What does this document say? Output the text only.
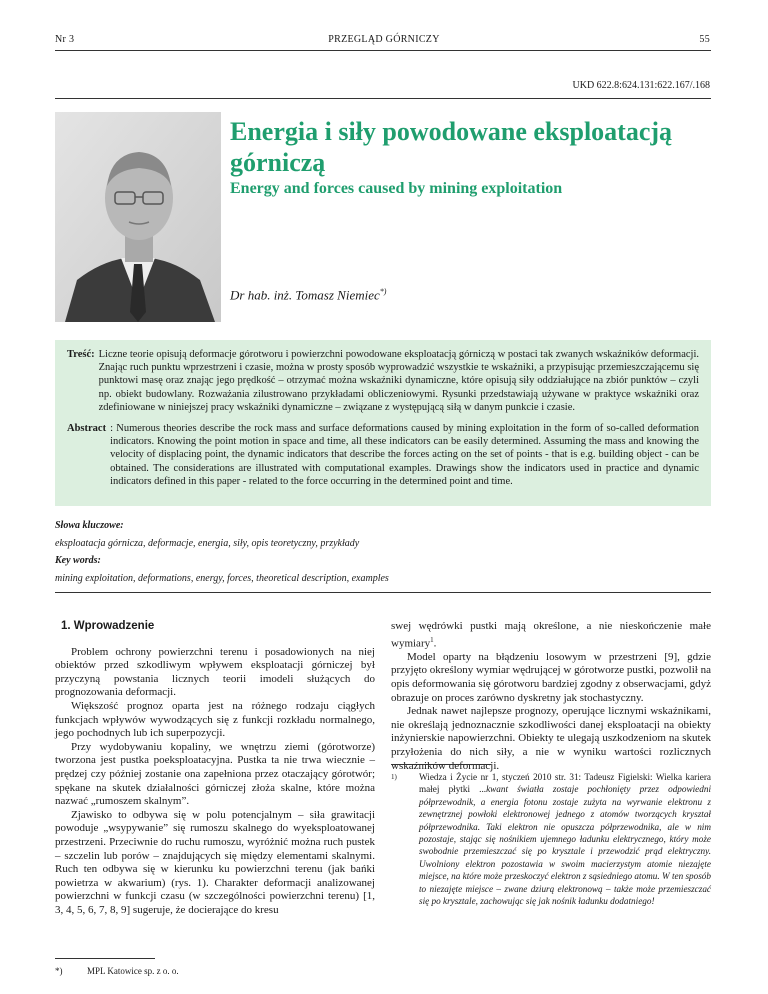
Nr 3	PRZEGLĄD GÓRNICZY	55
UKD 622.8:624.131:622.167/.168
Energia i siły powodowane eksploatacją górniczą
Energy and forces caused by mining exploitation
Dr hab. inż. Tomasz Niemiec*)
Treść: Liczne teorie opisują deformacje górotworu i powierzchni powodowane eksploatacją górniczą w postaci tak zwanych wskaźników deformacji. Znając ruch punktu wprzestrzeni i czasie, można w prosty sposób wyprowadzić wszystkie te wskaźniki, a przypisując przemieszczającemu się punktowi masę oraz znając jego prędkość – otrzymać można wskaźniki dynamiczne, które opisują siły oddziałujące na zbiór punktów – czyli np. obiekt budowlany. Rozważania zilustrowano przykładami obliczeniowymi. Rysunki przedstawiają używane w praktyce wskaźniki oraz zdefiniowane w niniejszej pracy wskaźniki dynamiczne – związane z występującą siłą w danym punkcie i czasie.
Abstract : Numerous theories describe the rock mass and surface deformations caused by mining exploitation in the form of so-called deformation indicators. Knowing the point motion in space and time, all these indicators can be easily determined. Assuming the mass and knowing the velocity of displacing point, the dynamic indicators that describe the forces acting on the set of points - that is e.g. building object - can be obtained. The considerations are illustrated with computational examples. Drawings show the indicators used in practice and dynamic indicators defined in this paper - related to the force occurring in the determined point and time.
Słowa kluczowe:
eksploatacja górnicza, deformacje, energia, siły, opis teoretyczny, przykłady
Key words:
mining exploitation, deformations, energy, forces, theoretical description, examples
1. Wprowadzenie

Problem ochrony powierzchni terenu i posadowionych na niej obiektów przed szkodliwym wpływem eksploatacji górniczej był przyczyną powstania licznych teorii imodeli służących do prognozowania deformacji.

Większość prognoz oparta jest na różnego rodzaju ciągłych funkcjach wpływów wywodzących się z funkcji rozkładu normalnego, jego pochodnych lub ich superpozycji.

Przy wydobywaniu kopaliny, we wnętrzu ziemi (górotworze) tworzona jest pustka poeksploatacyjna. Pustka ta nie trwa wiecznie – prędzej czy później zostanie ona zapełniona przez otaczający górotwór; spękane na skutek działalności górniczej złoża skalne, które można nazwać „rumoszem skalnym”.

Zjawisko to odbywa się w polu potencjalnym – siła grawitacji powoduje „wsypywanie” się rumoszu skalnego do wyeksploatowanej przestrzeni. Przeciwnie do ruchu rumoszu, wyróżnić można ruch pustek – szczelin lub porów – znajdujących się między elementami skalnymi. Ruch ten odbywa się w kierunku ku powierzchni terenu (jak bańki powietrza w akwarium) (rys. 1). Charakter deformacji analizowanej powierzchni w funkcji czasu (w szczególności powierzchni terenu) [1, 3, 4, 5, 6, 7, 8, 9] sugeruje, że docierające do kresu

swej wędrówki pustki mają określone, a nie nieskończenie małe wymiary$^1$.

Model oparty na błądzeniu losowym w przestrzeni [9], gdzie przyjęto określony wymiar wędrującej w górotworze pustki, pozwolił na opis deformowania się górotworu bardziej zgodny z obserwacjami, gdyż obrazuje on proces zarówno dyskretny jak stochastyczny.

Jednak nawet najlepsze prognozy, operujące licznymi wskaźnikami, nie określają jednoznacznie szkodliwości danej eksploatacji na obiekty inżynierskie napowierzchni. Obiekty te ulegają uszkodzeniom na skutek przyłożenia do nich siły, a nie w wyniku wartości rozlicznych wskaźników deformacji.

1)	Wiedza i Życie nr 1, styczeń 2010 str. 31: Tadeusz Figielski: Wielka kariera małej płytki ...kwant światła zostaje pochłonięty przez odpowiedni półprzewodnik, a energia fotonu zostaje zużyta na wyrwanie elektronu z zewnętrznej powłoki elektronowej jednego z atomów tworzących kryształ półprzewodnika. Taki elektron nie opuszcza półprzewodnika, ale w nim pozostaje, stając się nośnikiem ujemnego ładunku elektrycznego, który może swobodnie przemieszczać się po krysztale i przewodzić prąd elektryczny. Uwolniony elektron pozostawia w swoim macierzystym atomie niezajęte miejsce, na które może przeskoczyć elektron z sąsiedniego atomu. W ten sposób to niezajęte miejsce – zwane dziurą elektronową – także może przemieszczać się po krysztale, zachowując się jak nośnik ładunku dodatniego!
*)	MPL Katowice sp. z o. o.
